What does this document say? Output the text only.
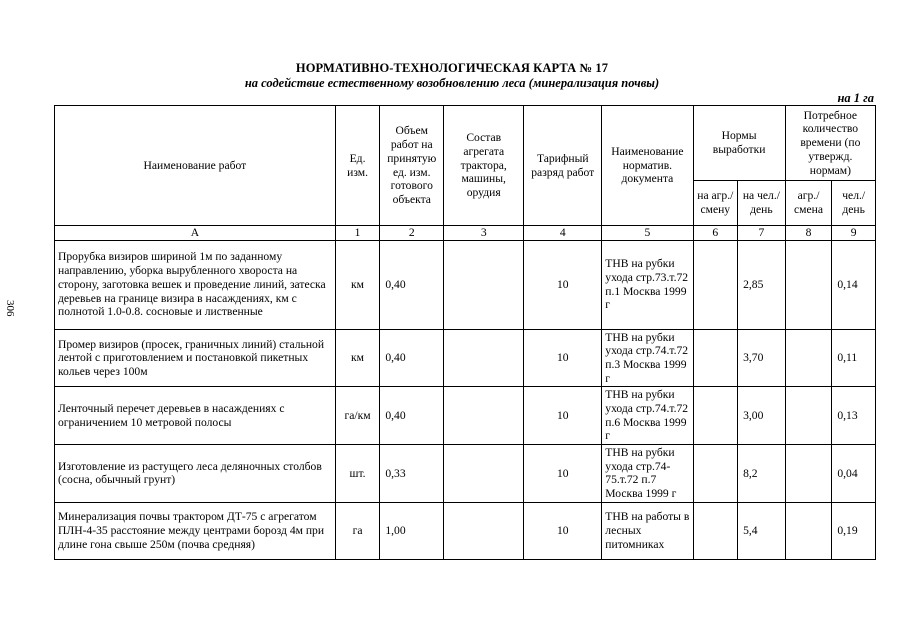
НОРМАТИВНО-ТЕХНОЛОГИЧЕСКАЯ КАРТА № 17
на содействие естественному возобновлению леса (минерализация почвы)
на 1 га
306
Наименование работ	Ед. изм.	Объем работ на принятую ед. изм. готового объекта	Состав агрегата трактора, машины, орудия	Тарифный разряд работ	Наименование норматив. документа	Нормы выработки		Потребное количество времени (по утвержд. нормам)	
						на агр./ смену	на чел./ день	агр./ смена	чел./ день
А	1	2	3	4	5	6	7	8	9
Прорубка визиров шириной 1м по заданному направлению, уборка вырубленного хвороста на сторону, заготовка вешек и проведение линий, затеска деревьев на границе визира в насаждениях, км с полнотой 1.0-0.8. сосновые и лиственные	км	0,40		10	ТНВ на рубки ухода стр.73.т.72 п.1 Москва 1999 г		2,85		0,14
Промер визиров (просек, граничных линий) стальной лентой с приготовлением и постановкой пикетных кольев через 100м	км	0,40		10	ТНВ на рубки ухода стр.74.т.72 п.3 Москва 1999 г		3,70		0,11
Ленточный перечет деревьев в насаждениях с ограничением 10 метровой полосы	га/км	0,40		10	ТНВ на рубки ухода стр.74.т.72 п.6 Москва 1999 г		3,00		0,13
Изготовление из растущего леса деляночных столбов (сосна, обычный грунт)	шт.	0,33		10	ТНВ на рубки ухода стр.74-75.т.72 п.7 Москва 1999 г		8,2		0,04
Минерализация почвы трактором ДТ-75 с агрегатом ПЛН-4-35 расстояние между центрами борозд 4м при длине гона свыше 250м (почва средняя)	га	1,00		10	ТНВ на работы в лесных питомниках		5,4		0,19
